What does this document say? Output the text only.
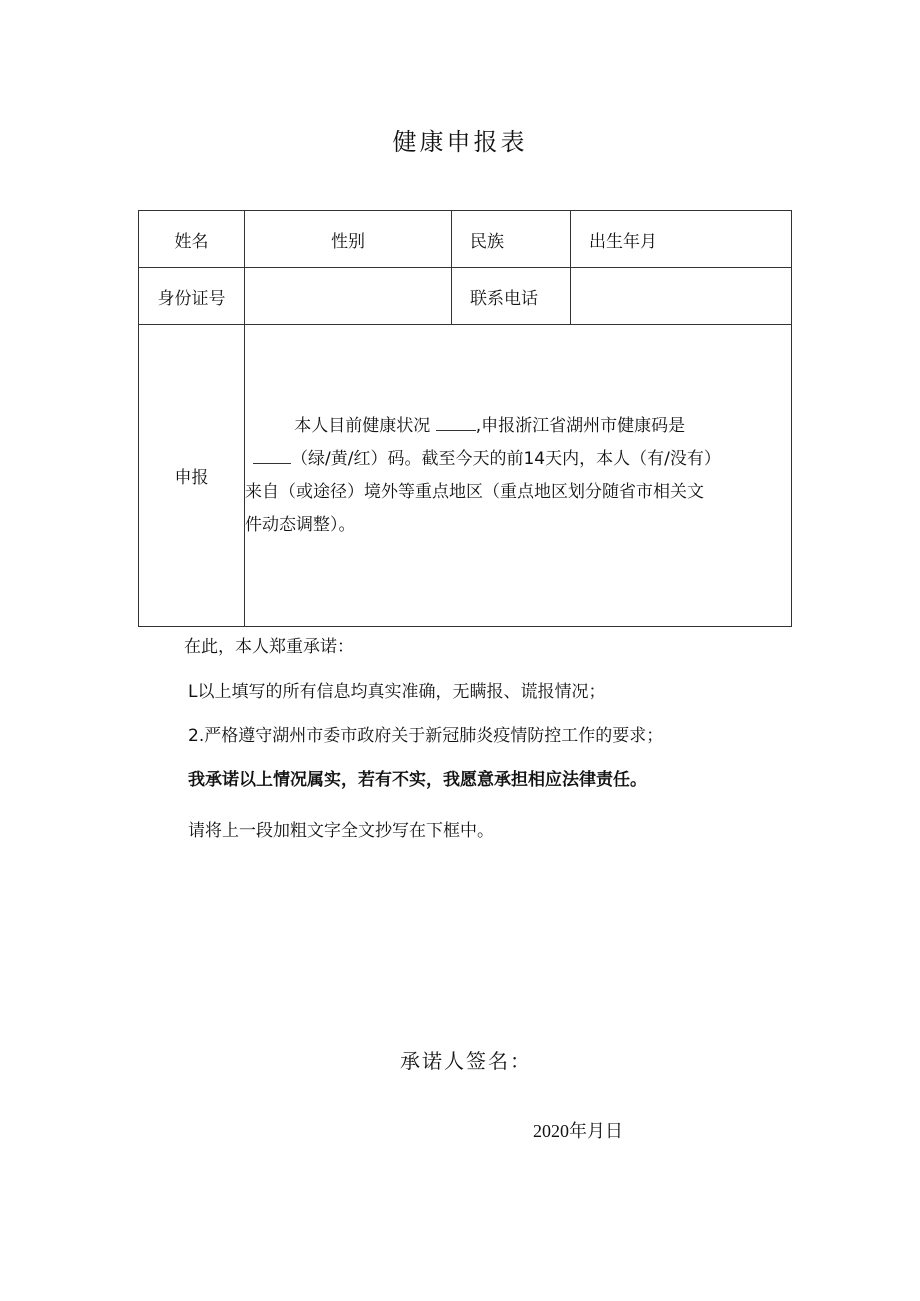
健康申报表
姓名	性别	民族	出生年月
身份证号		联系电话	
申报	本人目前健康状况 ,申报浙江省湖州市健康码是

（绿/黄/红）码。截至今天的前14天内，本人（有/没有）

来自（或途径）境外等重点地区（重点地区划分随省市相关文

件动态调整）。		

在此，本人郑重承诺：
L以上填写的所有信息均真实准确，无瞒报、谎报情况；
2.严格遵守湖州市委市政府关于新冠肺炎疫情防控工作的要求；
我承诺以上情况属实，若有不实，我愿意承担相应法律责任。
请将上一段加粗文字全文抄写在下框中。
承诺人签名：
2020年月日
